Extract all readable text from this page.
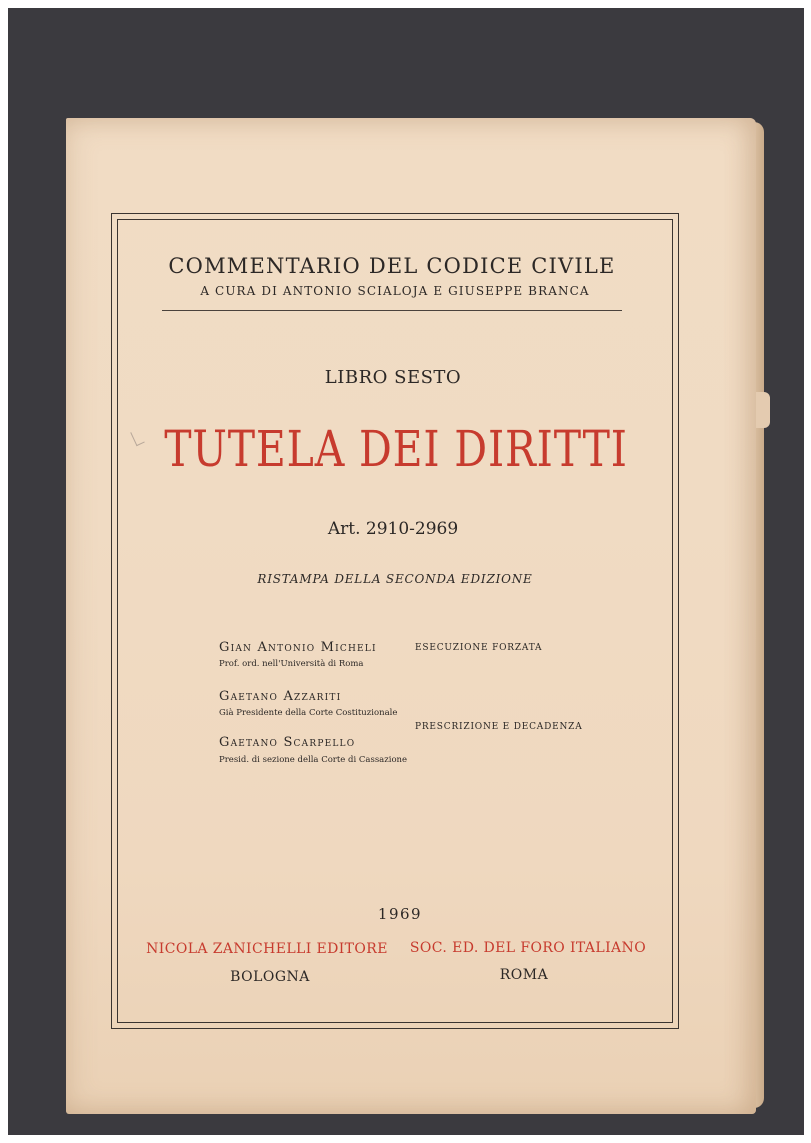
COMMENTARIO DEL CODICE CIVILE
A CURA DI ANTONIO SCIALOJA E GIUSEPPE BRANCA
LIBRO SESTO
TUTELA DEI DIRITTI
Art. 2910-2969
RISTAMPA DELLA SECONDA EDIZIONE
Gian Antonio Micheli
Prof. ord. nell'Università di Roma
ESECUZIONE FORZATA
Gaetano Azzariti
Già Presidente della Corte Costituzionale
PRESCRIZIONE E DECADENZA
Gaetano Scarpello
Presid. di sezione della Corte di Cassazione
1969
NICOLA ZANICHELLI EDITORE
BOLOGNA
SOC. ED. DEL FORO ITALIANO
ROMA
